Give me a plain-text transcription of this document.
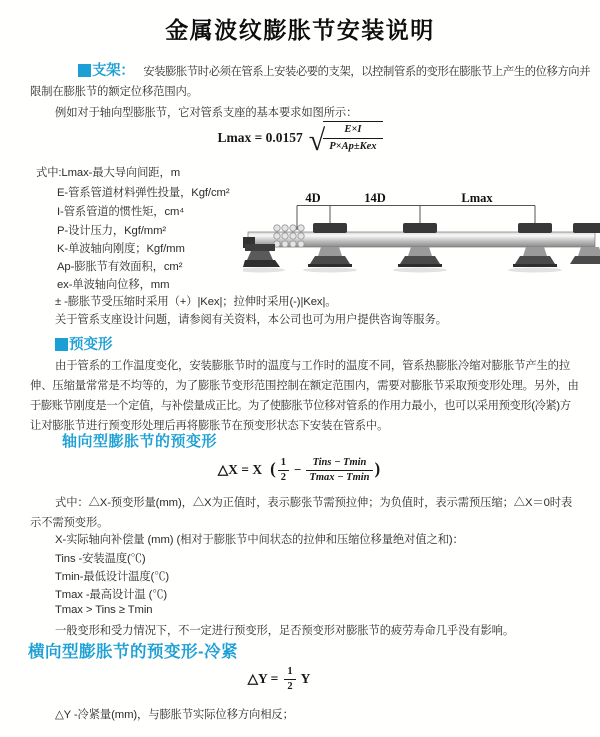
金属波纹膨胀节安装说明
支架： 安装膨胀节时必须在管系上安装必要的支架，以控制管系的变形在膨胀节上产生的位移方向并
限制在膨胀节的额定位移范围内。
例如对于轴向型膨胀节，它对管系支座的基本要求如图所示：
Lmax = 0.0157 √
$\frac{E\times I}{\text{P×Ap±Kex}}$
式中:Lmax-最大导向间距，m
E-管系管道材料弹性投量，Kgf/cm²
I-管系管道的惯性矩，cm⁴
P-设计压力，Kgf/mm²
K-单波轴向刚度；Kgf/mm
Ap-膨胀节有效面积，cm²
ex-单波轴向位移，mm
± -膨胀节受压缩时采用（+）|Kex|；拉伸时采用(-)|Kex|。
关于管系支座设计问题，请参阅有关资料，本公司也可为用户提供咨询等服务。
4D	14D	Lmax
预变形
由于管系的工作温度变化，安装膨胀节时的温度与工作时的温度不同，管系热膨胀冷缩对膨胀节产生的拉
伸、压缩量常常是不均等的，为了膨胀节变形范围控制在额定范围内，需要对膨胀节采取预变形处理。另外，由
于膨账节刚度是一个定值，与补偿量成正比。为了使膨胀节位移对管系的作用力最小，也可以采用预变形(冷紧)方
让对膨胀节进行预变形处理后再将膨胀节在预变形状态下安装在管系中。
轴向型膨胀节的预变形
△X = X ( $\frac{1}{2} - \frac{\text{Tins − Tmin}}{Tmax - Tmin}$ )
式中：△X-预变形量(mm)，△X为正值时，表示膨张节需预拉伸；为负值时，表示需预压缩；△X＝0时表
示不需预变形。
X-实际轴向补偿量 (mm) (相对于膨胀节中间状态的拉伸和压缩位移量绝对值之和)：
Tins -安装温度(℃)
Tmin-最低设计温度(℃)
Tmax -最高设计温 (℃)
Tmax > Tins ≥ Tmin
一般变形和受力情况下，不一定进行预变形，足否预变形对膨胀节的疲劳寿命几乎没有影响。
横向型膨胀节的预变形-冷紧
△Y = $\frac{1}{2}$ Y
△Y -冷紧量(mm)，与膨胀节实际位移方向相反；
